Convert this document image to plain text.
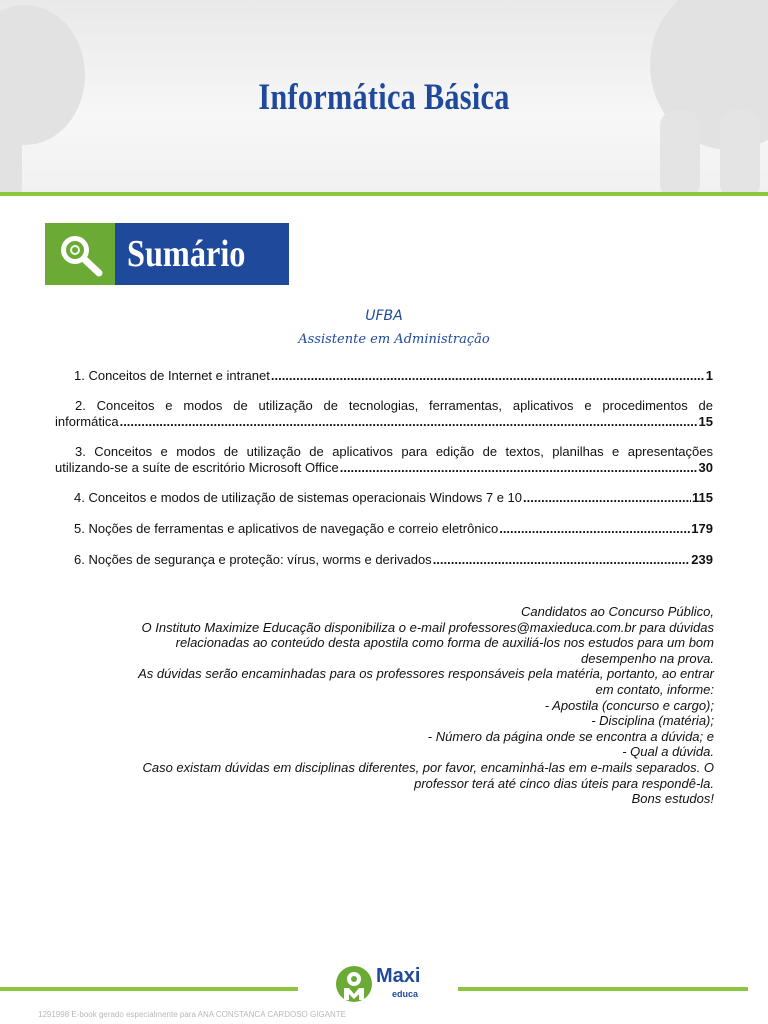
Informática Básica
Sumário
UFBA
Assistente em Administração
1. Conceitos de Internet e intranet .....	1
2. Conceitos e modos de utilização de tecnologias, ferramentas, aplicativos e procedimentos de
informática .....	15
3. Conceitos e modos de utilização de aplicativos para edição de textos, planilhas e apresentações
utilizando-se a suíte de escritório Microsoft Office .....	30
4. Conceitos e modos de utilização de sistemas operacionais Windows 7 e 10 .....	115
5. Noções de ferramentas e aplicativos de navegação e correio eletrônico .....	179
6. Noções de segurança e proteção: vírus, worms e derivados .....	239

Candidatos ao Concurso Público,

O Instituto Maximize Educação disponibiliza o e-mail professores@maxieduca.com.br para dúvidas

relacionadas ao conteúdo desta apostila como forma de auxiliá-los nos estudos para um bom

desempenho na prova.

As dúvidas serão encaminhadas para os professores responsáveis pela matéria, portanto, ao entrar

em contato, informe:

- Apostila (concurso e cargo);

- Disciplina (matéria);

- Número da página onde se encontra a dúvida; e

- Qual a dúvida.

Caso existam dúvidas em disciplinas diferentes, por favor, encaminhá-las em e-mails separados. O

professor terá até cinco dias úteis para respondê-la.

Bons estudos!

Maxi
educa
1291998 E-book gerado especialmente para ANA CONSTANCA CARDOSO GIGANTE
